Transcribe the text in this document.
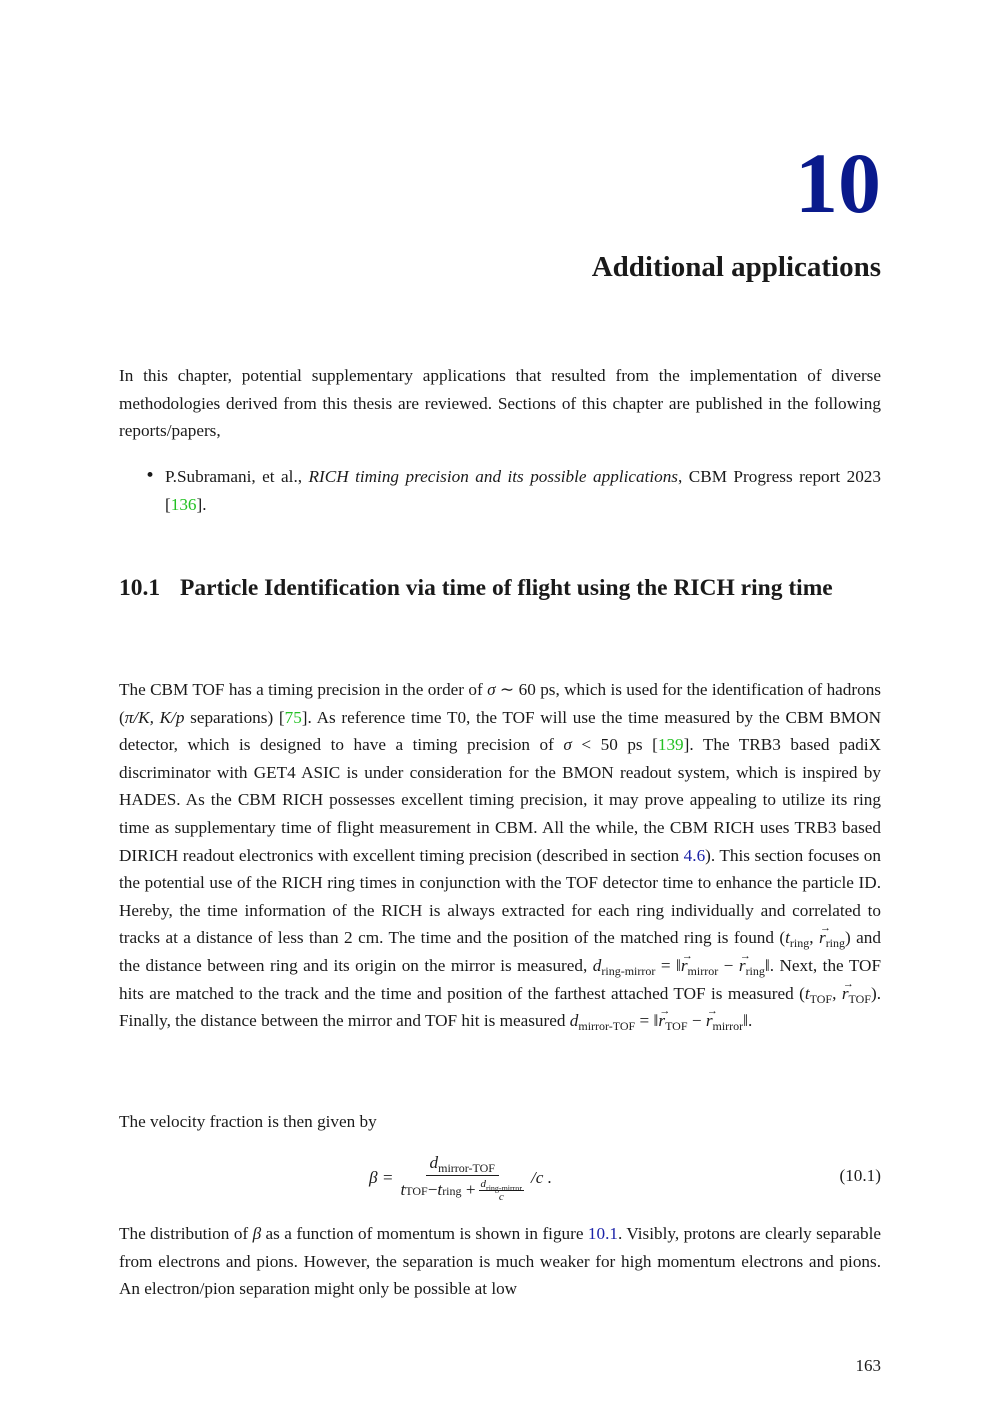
10
Additional applications

In this chapter, potential supplementary applications that resulted from the implementation of diverse methodologies derived from this thesis are reviewed. Sections of this chapter are published in the following reports/papers,

• P.Subramani, et al., RICH timing precision and its possible applications, CBM Progress report 2023 [136].
10.1 Particle Identification via time of flight using the RICH ring time

The CBM TOF has a timing precision in the order of σ ∼ 60 ps, which is used for the identification of hadrons (π/K, K/p separations) [75]. As reference time T0, the TOF will use the time measured by the CBM BMON detector, which is designed to have a timing precision of σ < 50 ps [139]. The TRB3 based padiX discriminator with GET4 ASIC is under consideration for the BMON readout system, which is inspired by HADES. As the CBM RICH possesses excellent timing precision, it may prove appealing to utilize its ring time as supplementary time of flight measurement in CBM. All the while, the CBM RICH uses TRB3 based DIRICH readout electronics with excellent timing precision (described in section 4.6). This section focuses on the potential use of the RICH ring times in conjunction with the TOF detector time to enhance the particle ID. Hereby, the time information of the RICH is always extracted for each ring individually and correlated to tracks at a distance of less than 2 cm. The time and the position of the matched ring is found ($t_{ring}$, → $r_{ring}$) and the distance between ring and its origin on the mirror is measured, $d_{ring-mirror}$ = ‖→ $r_{mirror}$ − → $r_{ring}‖$. Next, the TOF hits are matched to the track and the time and position of the farthest attached TOF is measured ($t_{TOF}$, → $r_{TOF}$). Finally, the distance between the mirror and TOF hit is measured $d_{mirror-TOF}$ = ‖→ $r_{TOF}$ − → $r_{mirror}‖$.

The velocity fraction is then given by

$\beta = d_{mirror-TOF}$
t TOF − t ring
+ $\frac{d_{ring-mirror}}{c} /c$ .	(10.1)

The distribution of β as a function of momentum is shown in figure 10.1. Visibly, protons are clearly separable from electrons and pions. However, the separation is much weaker for high momentum electrons and pions. An electron/pion separation might only be possible at low

163
